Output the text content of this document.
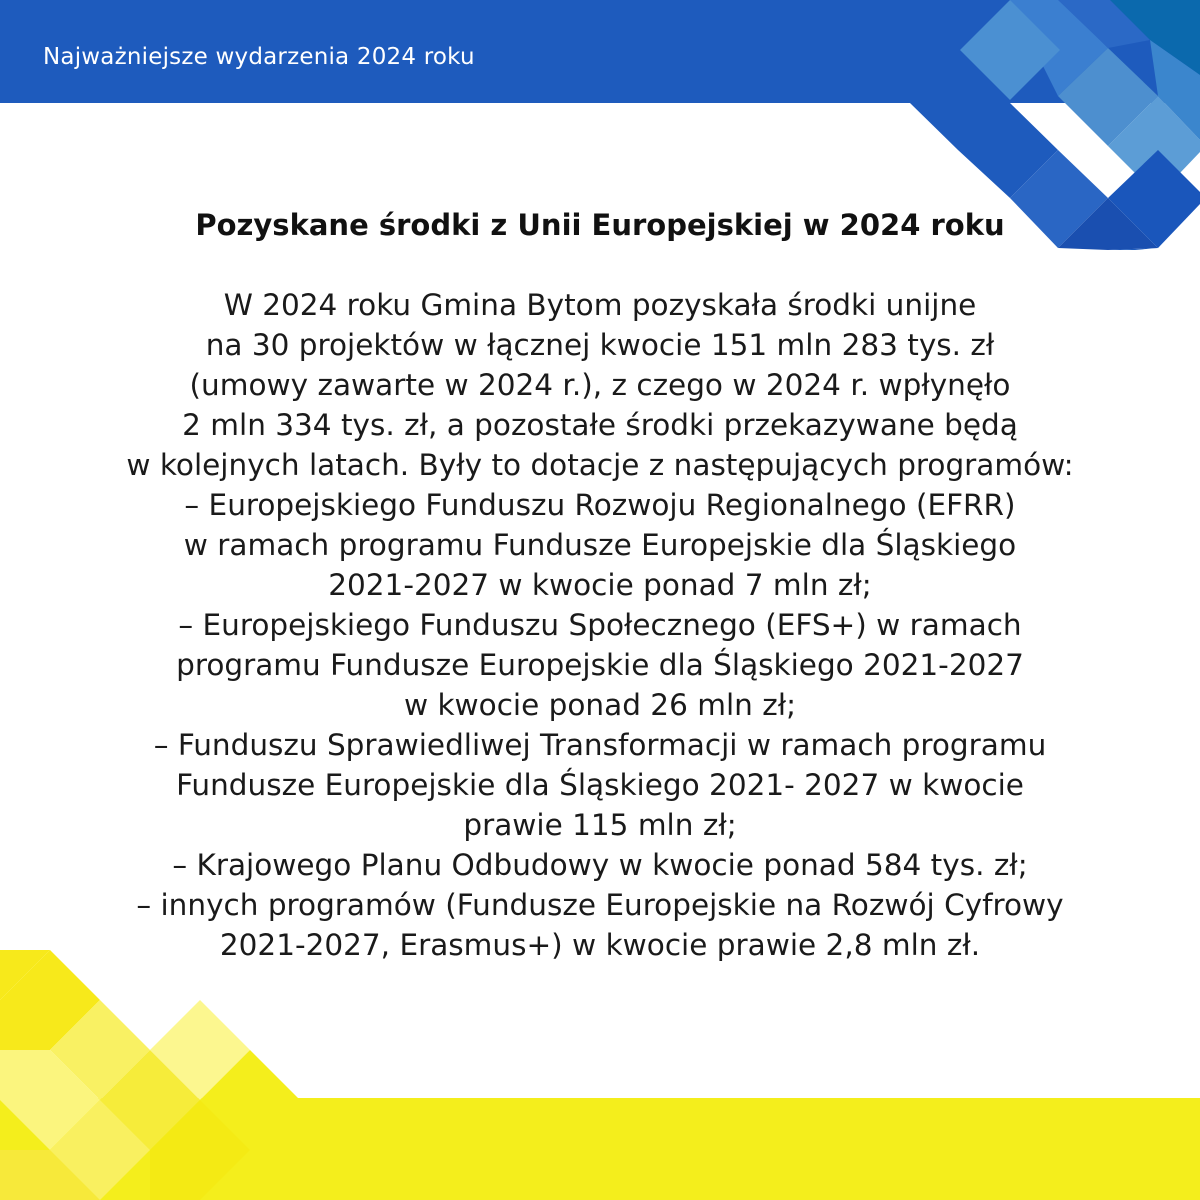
Najważniejsze wydarzenia 2024 roku
Pozyskane środki z Unii Europejskiej w 2024 roku
W 2024 roku Gmina Bytom pozyskała środki unijne
na 30 projektów w łącznej kwocie 151 mln 283 tys. zł
(umowy zawarte w 2024 r.), z czego w 2024 r. wpłynęło
2 mln 334 tys. zł, a pozostałe środki przekazywane będą
w kolejnych latach. Były to dotacje z następujących programów:
– Europejskiego Funduszu Rozwoju Regionalnego (EFRR)
w ramach programu Fundusze Europejskie dla Śląskiego
2021-2027 w kwocie ponad 7 mln zł;
– Europejskiego Funduszu Społecznego (EFS+) w ramach
programu Fundusze Europejskie dla Śląskiego 2021-2027
w kwocie ponad 26 mln zł;
– Funduszu Sprawiedliwej Transformacji w ramach programu
Fundusze Europejskie dla Śląskiego 2021- 2027 w kwocie
prawie 115 mln zł;
– Krajowego Planu Odbudowy w kwocie ponad 584 tys. zł;
– innych programów (Fundusze Europejskie na Rozwój Cyfrowy
2021-2027, Erasmus+) w kwocie prawie 2,8 mln zł.
